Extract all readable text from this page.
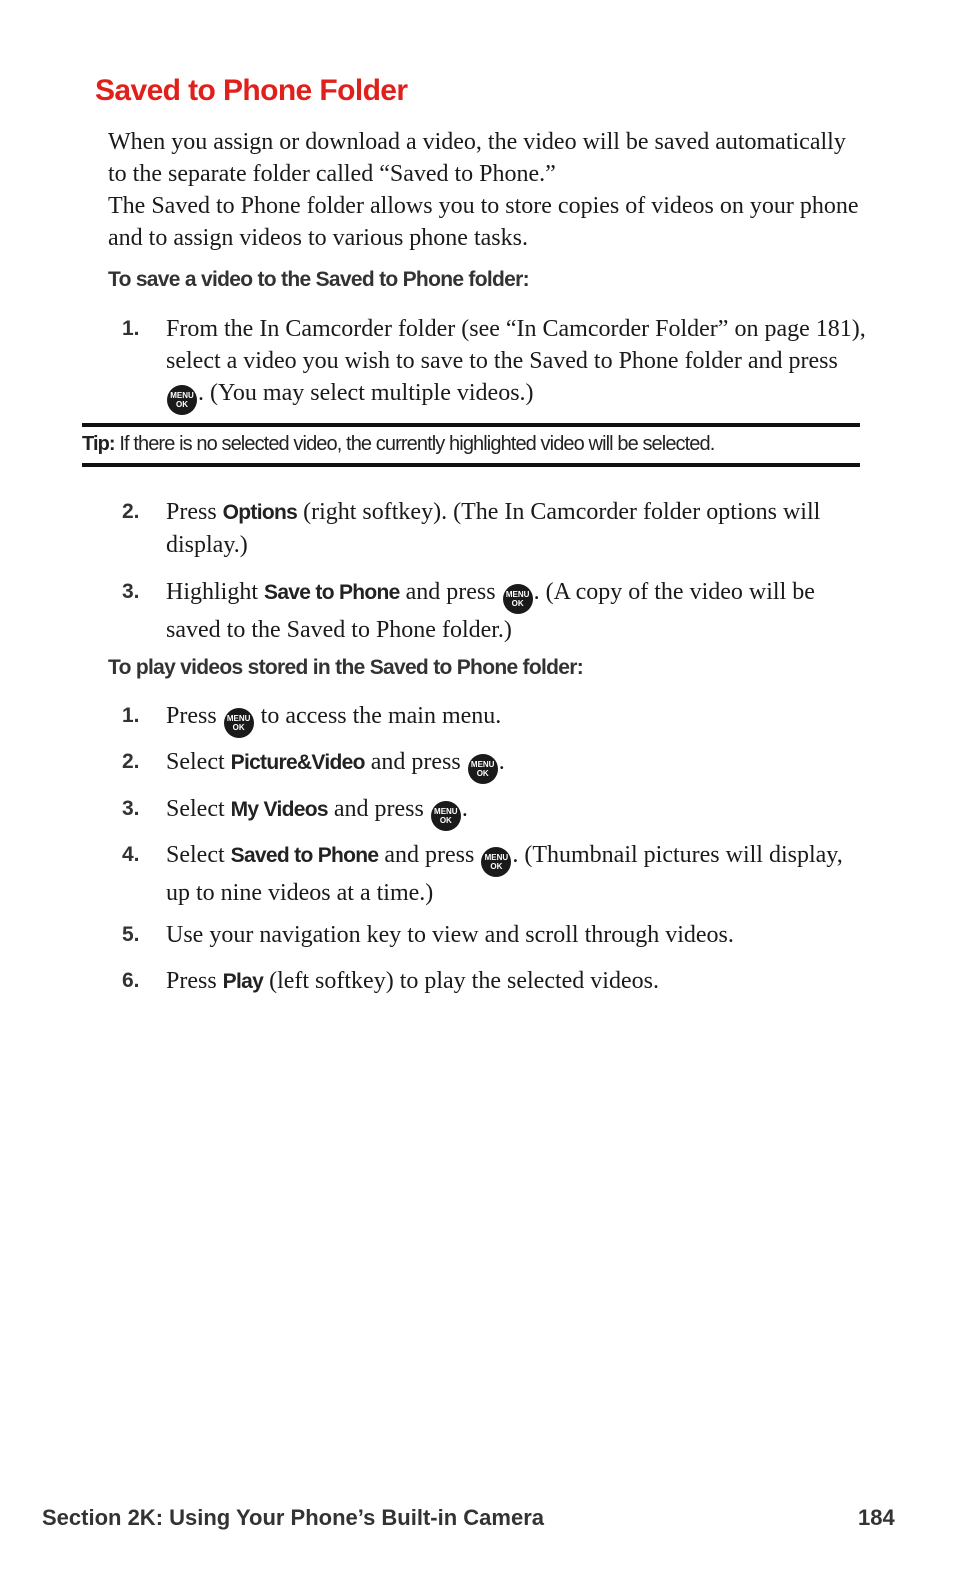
Saved to Phone Folder

When you assign or download a video, the video will be saved automatically to the separate folder called “Saved to Phone.”

The Saved to Phone folder allows you to store copies of videos on your phone and to assign videos to various phone tasks.

To save a video to the Saved to Phone folder:

1. From the In Camcorder folder (see “In Camcorder Folder” on page 181), select a video you wish to save to the Saved to Phone folder and press
MENU
OK . (You may select multiple videos.)
Tip: If there is no selected video, the currently highlighted video will be selected.
2. Press Options (right softkey). (The In Camcorder folder options will display.)
3. Highlight Save to Phone and press MENU
OK . (A copy of the video will be saved to the Saved to Phone folder.)

To play videos stored in the Saved to Phone folder:

1. Press MENU
OK to access the main menu.
2. Select Picture&Video and press MENU
OK .
3. Select My Videos and press MENU
OK .
4. Select Saved to Phone and press MENU
OK . (Thumbnail pictures will display, up to nine videos at a time.)
5. Use your navigation key to view and scroll through videos.
6. Press Play (left softkey) to play the selected videos.
Section 2K: Using Your Phone’s Built-in Camera	184
